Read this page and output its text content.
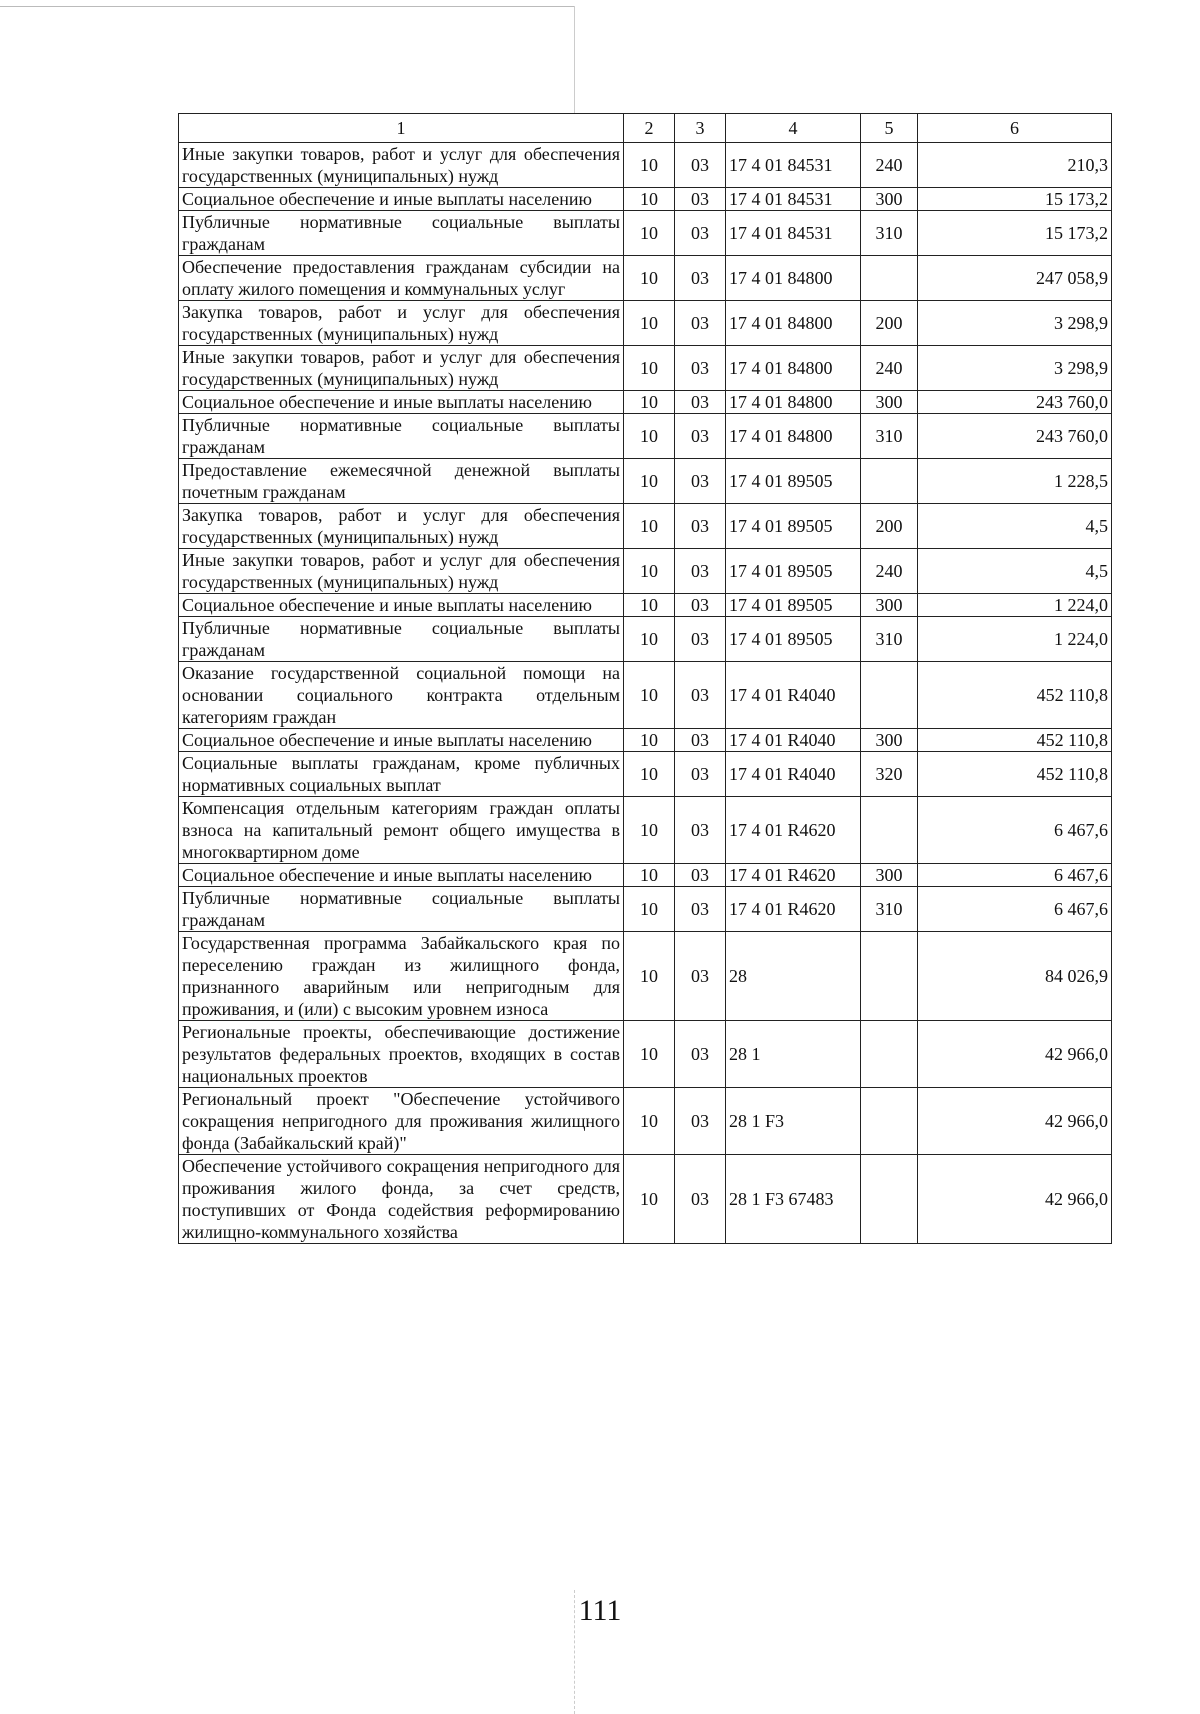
1	2	3	4	5	6
Иные закупки товаров, работ и услуг для обеспечения государственных (муниципальных) нужд	10	03	17 4 01 84531	240	210,3
Социальное обеспечение и иные выплаты населению	10	03	17 4 01 84531	300	15 173,2
Публичные нормативные социальные выплаты гражданам	10	03	17 4 01 84531	310	15 173,2
Обеспечение предоставления гражданам субсидии на оплату жилого помещения и коммунальных услуг	10	03	17 4 01 84800		247 058,9
Закупка товаров, работ и услуг для обеспечения государственных (муниципальных) нужд	10	03	17 4 01 84800	200	3 298,9
Иные закупки товаров, работ и услуг для обеспечения государственных (муниципальных) нужд	10	03	17 4 01 84800	240	3 298,9
Социальное обеспечение и иные выплаты населению	10	03	17 4 01 84800	300	243 760,0
Публичные нормативные социальные выплаты гражданам	10	03	17 4 01 84800	310	243 760,0
Предоставление ежемесячной денежной выплаты почетным гражданам	10	03	17 4 01 89505		1 228,5
Закупка товаров, работ и услуг для обеспечения государственных (муниципальных) нужд	10	03	17 4 01 89505	200	4,5
Иные закупки товаров, работ и услуг для обеспечения государственных (муниципальных) нужд	10	03	17 4 01 89505	240	4,5
Социальное обеспечение и иные выплаты населению	10	03	17 4 01 89505	300	1 224,0
Публичные нормативные социальные выплаты гражданам	10	03	17 4 01 89505	310	1 224,0
Оказание государственной социальной помощи на основании социального контракта отдельным категориям граждан	10	03	17 4 01 R4040		452 110,8
Социальное обеспечение и иные выплаты населению	10	03	17 4 01 R4040	300	452 110,8
Социальные выплаты гражданам, кроме публичных нормативных социальных выплат	10	03	17 4 01 R4040	320	452 110,8
Компенсация отдельным категориям граждан оплаты взноса на капитальный ремонт общего имущества в многоквартирном доме	10	03	17 4 01 R4620		6 467,6
Социальное обеспечение и иные выплаты населению	10	03	17 4 01 R4620	300	6 467,6
Публичные нормативные социальные выплаты гражданам	10	03	17 4 01 R4620	310	6 467,6
Государственная программа Забайкальского края по переселению граждан из жилищного фонда, признанного аварийным или непригодным для проживания, и (или) с высоким уровнем износа	10	03	28		84 026,9
Региональные проекты, обеспечивающие достижение результатов федеральных проектов, входящих в состав национальных проектов	10	03	28 1		42 966,0
Региональный проект "Обеспечение устойчивого сокращения непригодного для проживания жилищного фонда (Забайкальский край)"	10	03	28 1 F3		42 966,0
Обеспечение устойчивого сокращения непригодного для проживания жилого фонда, за счет средств, поступивших от Фонда содействия реформированию жилищно-коммунального хозяйства	10	03	28 1 F3 67483		42 966,0
111
